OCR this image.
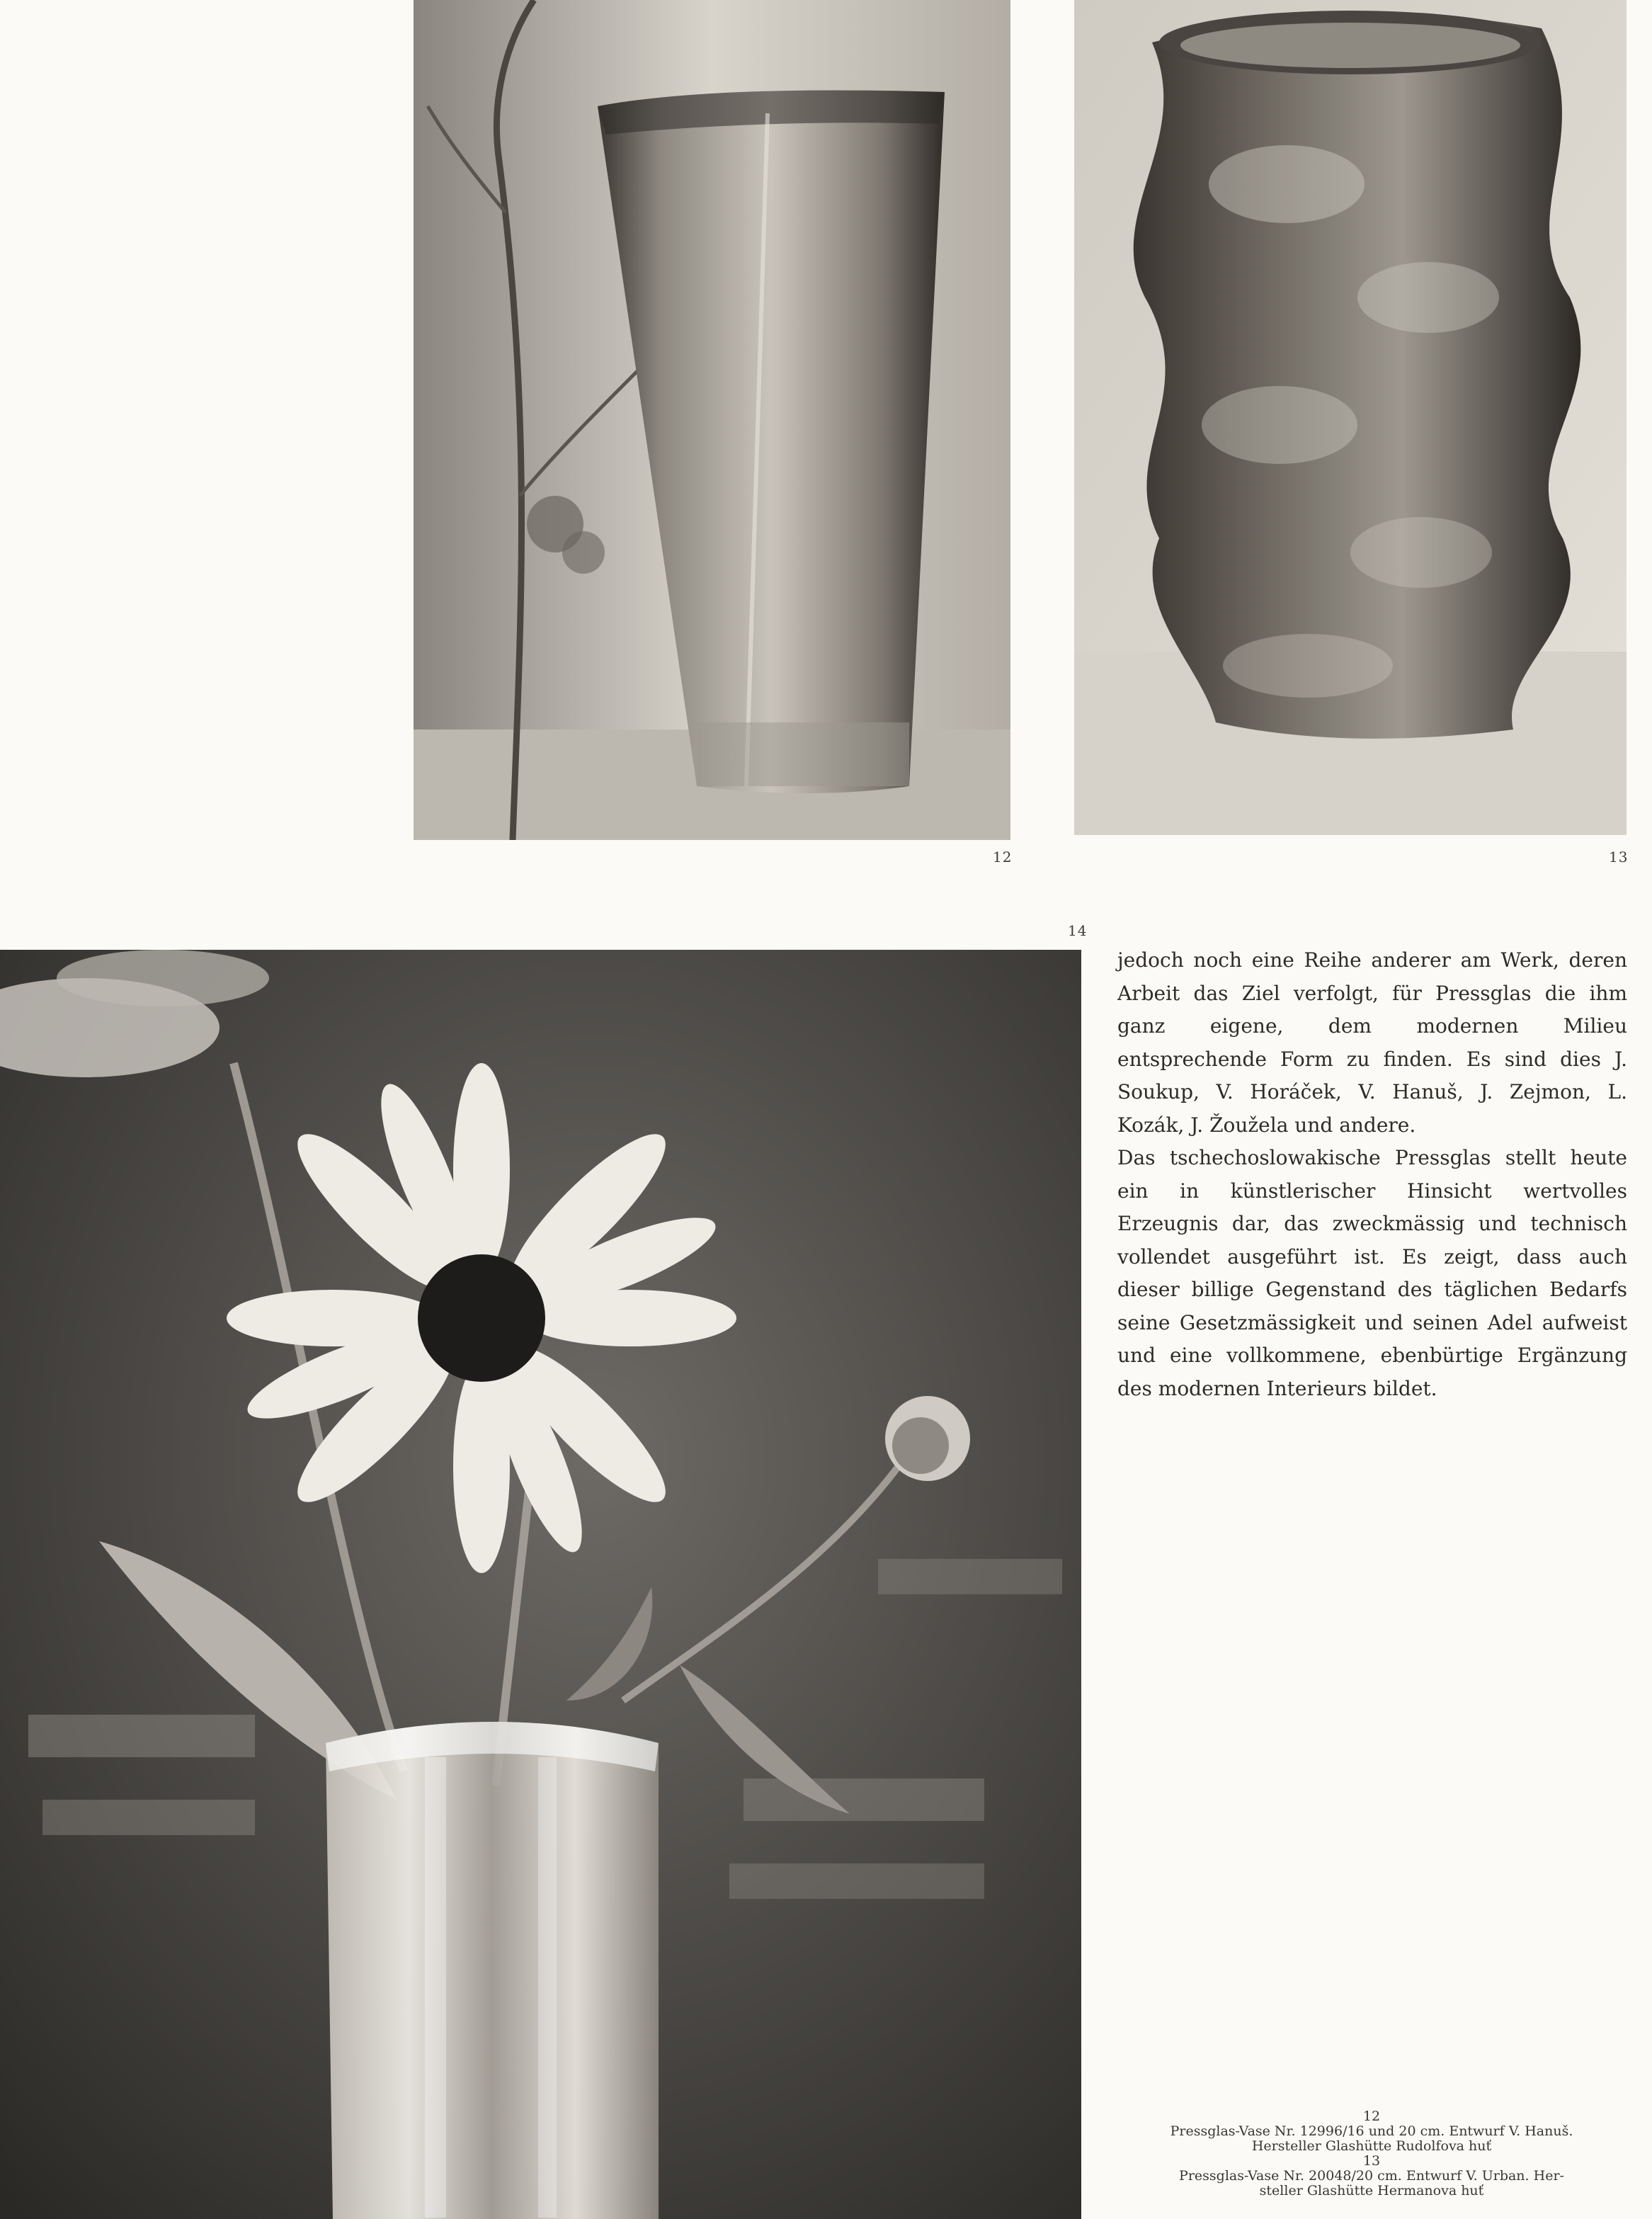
12	13
14

jedoch noch eine Reihe anderer am Werk, deren Arbeit das Ziel verfolgt, für Pressglas die ihm ganz eigene, dem modernen Milieu entsprechende Form zu finden. Es sind dies J. Soukup, V. Horáček, V. Hanuš, J. Zejmon, L. Kozák, J. Žoužela und andere.

Das tschechoslowakische Pressglas stellt heute ein in künstlerischer Hinsicht wertvolles Erzeugnis dar, das zweckmässig und technisch vollendet ausgeführt ist. Es zeigt, dass auch dieser billige Gegenstand des täglichen Bedarfs seine Gesetzmässigkeit und seinen Adel aufweist und eine vollkommene, ebenbürtige Ergänzung des modernen Interieurs bildet.

12
Pressglas-Vase Nr. 12996/16 und 20 cm. Entwurf V. Hanuš.
Hersteller Glashütte Rudolfova huť
13
Pressglas-Vase Nr. 20048/20 cm. Entwurf V. Urban. Her-
steller Glashütte Hermanova huť
